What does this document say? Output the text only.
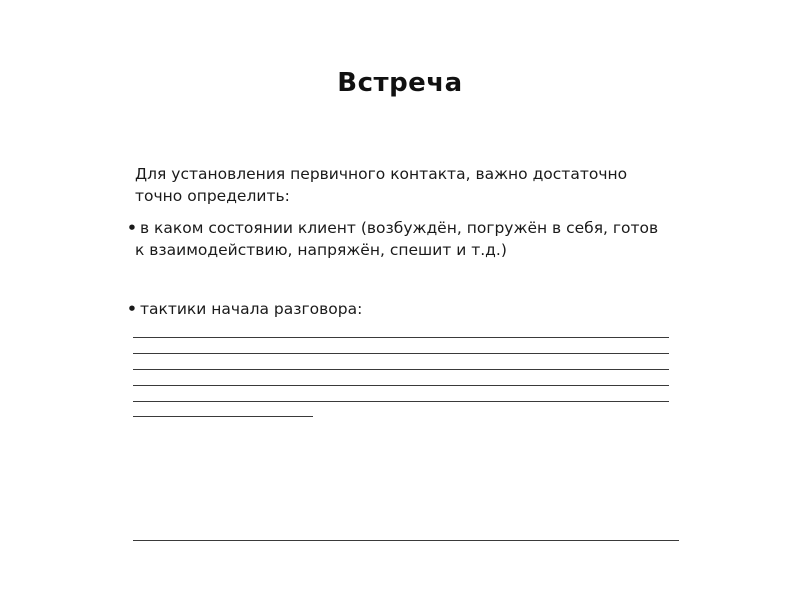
Встреча
Для установления первичного контакта, важно достаточно
точно определить:
• в каком состоянии клиент (возбуждён, погружён в себя, готов
к взаимодействию, напряжён, спешит и т.д.)
• тактики начала разговора:
